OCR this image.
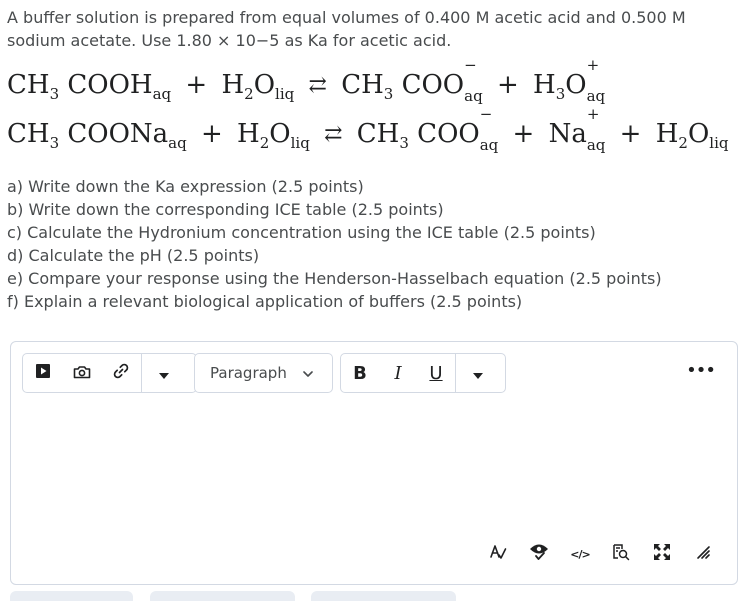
A buffer solution is prepared from equal volumes of 0.400 M acetic acid and 0.500 M sodium acetate. Use 1.80 × 10−5 as Ka for acetic acid.

$CH_3$ $COOH_{aq} + H_2O_{liq}$ ⇄ $CH_3$ COO
−
$_{aq} + H_3O$
+
$_{aq}$
$CH_3$ COONa$_{aq}$ + $H_2O_{liq}$ ⇄ $CH_3$ COO
−
$_{aq}$ + Na
+
$_{aq} + H_2O_{liq}$
a) Write down the Ka expression (2.5 points)
b) Write down the corresponding ICE table (2.5 points)
c) Calculate the Hydronium concentration using the ICE table (2.5 points)
d) Calculate the pH (2.5 points)
e) Compare your response using the Henderson-Hasselbach equation (2.5 points)
f) Explain a relevant biological application of buffers (2.5 points)
Paragraph	B	I	U	•••
</>
